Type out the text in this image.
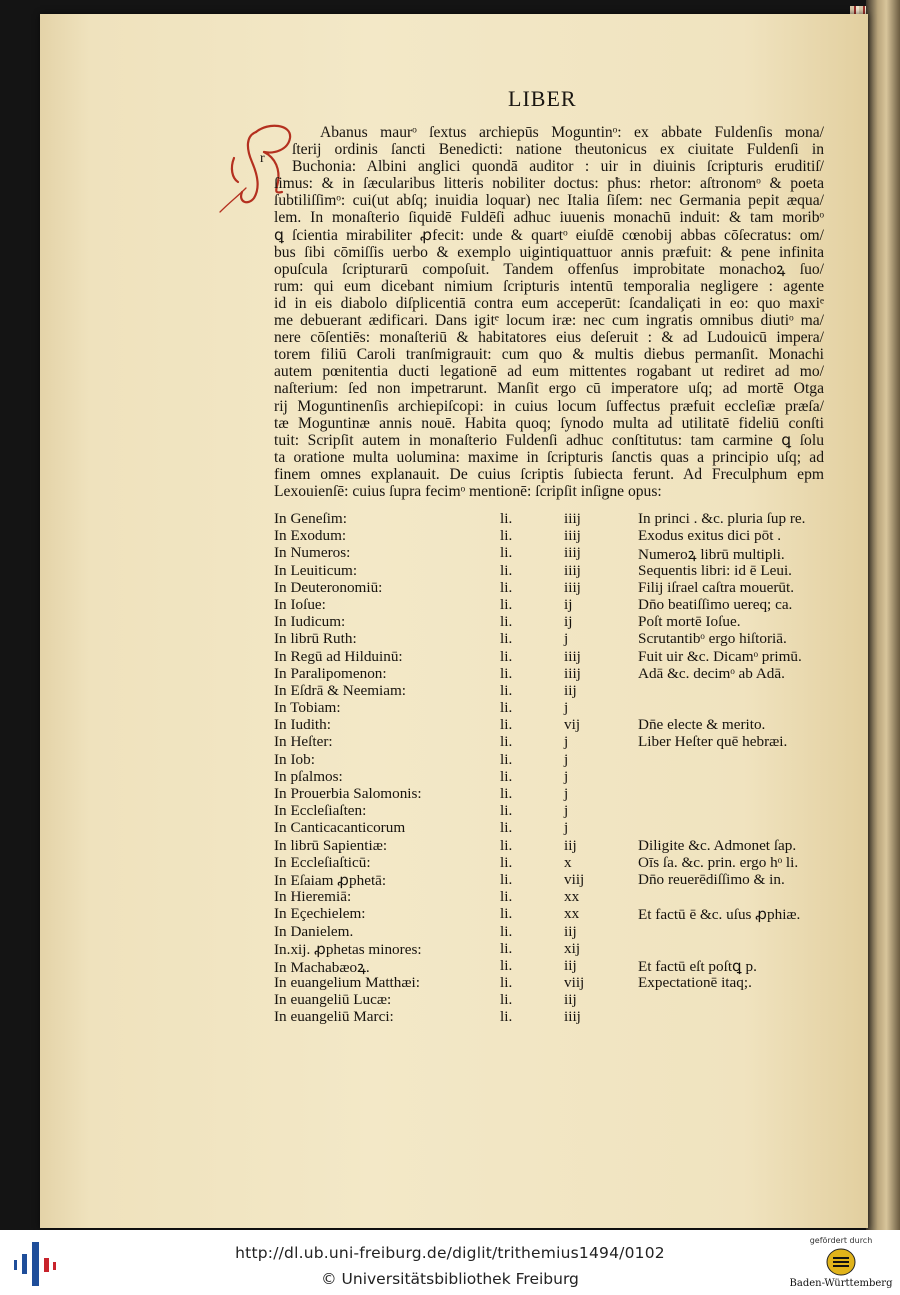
LIBER
r
Abanus maurᵒ ſextus archiepūs Moguntinᵒ: ex abbate Fuldenſis mona/
ſterij ordinis ſancti Benedicti: natione theutonicus ex ciuitate Fuldenſi in
Buchonia: Albini anglici quondā auditor : uir in diuinis ſcripturis eruditiſ/
ſimus: & in ſæcularibus litteris nobiliter doctus: pħus: rhetor: aſtronomᵒ & poeta
ſubtiliſſimᵒ: cui(ut abſq; inuidia loquar) nec Italia ſiſem: nec Germania pepit æqua/
lem. In monaſterio ſiquidē Fuldēſi adhuc iuuenis monachū induit: & tam moribᵒ
ꝗ ſcientia mirabiliter ꝓfecit: unde & quartᵒ eiuſdē cœnobij abbas cōſecratus: om/
bus ſibi cōmiſſis uerbo & exemplo uigintiquattuor annis præfuit: & pene infinita
opuſcula ſcripturarū compoſuit. Tandem offenſus improbitate monachoꝝ ſuo/
rum: qui eum dicebant nimium ſcripturis intentū temporalia negligere : agente
id in eis diabolo diſplicentiā contra eum acceperūt: ſcandaliçati in eo: quo maxiᵉ
me debuerant ædificari. Dans igitᵉ locum iræ: nec cum ingratis omnibus diutiᵒ ma/
nere cōſentiēs: monaſteriū & habitatores eius deſeruit : & ad Ludouicū impera/
torem filiū Caroli tranſmigrauit: cum quo & multis diebus permanſit. Monachi
autem pœnitentia ducti legationē ad eum mittentes rogabant ut rediret ad mo/
naſterium: ſed non impetrarunt. Manſit ergo cū imperatore uſq; ad mortē Otga
rij Moguntinenſis archiepiſcopi: in cuius locum ſuffectus præfuit eccleſiæ præſa/
tæ Moguntinæ annis nouē. Habita quoq; ſynodo multa ad utilitatē fideliū conſti
tuit: Scripſit autem in monaſterio Fuldenſi adhuc conſtitutus: tam carmine ꝗ ſolu
ta oratione multa uolumina: maxime in ſcripturis ſanctis quas a principio uſq; ad
finem omnes explanauit. De cuius ſcriptis ſubiecta ferunt. Ad Freculphum epm
Lexouienſē: cuius ſupra fecimᵒ mentionē: ſcripſit inſigne opus:
In Geneſim:	li.	iiij	In princi . &c. pluria ſup re.
In Exodum:	li.	iiij	Exodus exitus dici pōt .
In Numeros:	li.	iiij	Numeroꝝ librū multipli.
In Leuiticum:	li.	iiij	Sequentis libri: id ē Leui.
In Deuteronomiū:	li.	iiij	Filij iſrael caſtra mouerūt.
In Ioſue:	li.	ij	Dn̄o beatiſſimo uereq; ca.
In Iudicum:	li.	ij	Poſt mortē Ioſue.
In librū Ruth:	li.	j	Scrutantibᵒ ergo hiſtoriā.
In Regū ad Hilduinū:	li.	iiij	Fuit uir &c. Dicamᵒ primū.
In Paralipomenon:	li.	iiij	Adā &c. decimᵒ ab Adā.
In Eſdrā & Neemiam:	li.	iij
In Tobiam:	li.	j
In Iudith:	li.	vij	Dn̄e electe & merito.
In Heſter:	li.	j	Liber Heſter quē hebræi.
In Iob:	li.	j
In pſalmos:	li.	j
In Prouerbia Salomonis:	li.	j
In Eccleſiaſten:	li.	j
In Canticacanticorum	li.	j
In librū Sapientiæ:	li.	iij	Diligite &c. Admonet ſap.
In Eccleſiaſticū:	li.	x	Oīs ſa. &c. prin. ergo hᵒ li.
In Eſaiam ꝓphetā:	li.	viij	Dn̄o reuerēdiſſimo & in.
In Hieremiā:	li.	xx
In Eçechielem:	li.	xx	Et factū ē &c. uſus ꝓphiæ.
In Danielem.	li.	iij
In.xij. ꝓphetas minores:	li.	xij
In Machabæoꝝ.	li.	iij	Et factū eſt poſtꝗ p.
In euangelium Matthæi:	li.	viij	Expectationē itaq;.
In euangeliū Lucæ:	li.	iij
In euangeliū Marci:	li.	iiij
http://dl.ub.uni-freiburg.de/diglit/trithemius1494/0102
© Universitätsbibliothek Freiburg
gefördert durch
Baden-Württemberg
